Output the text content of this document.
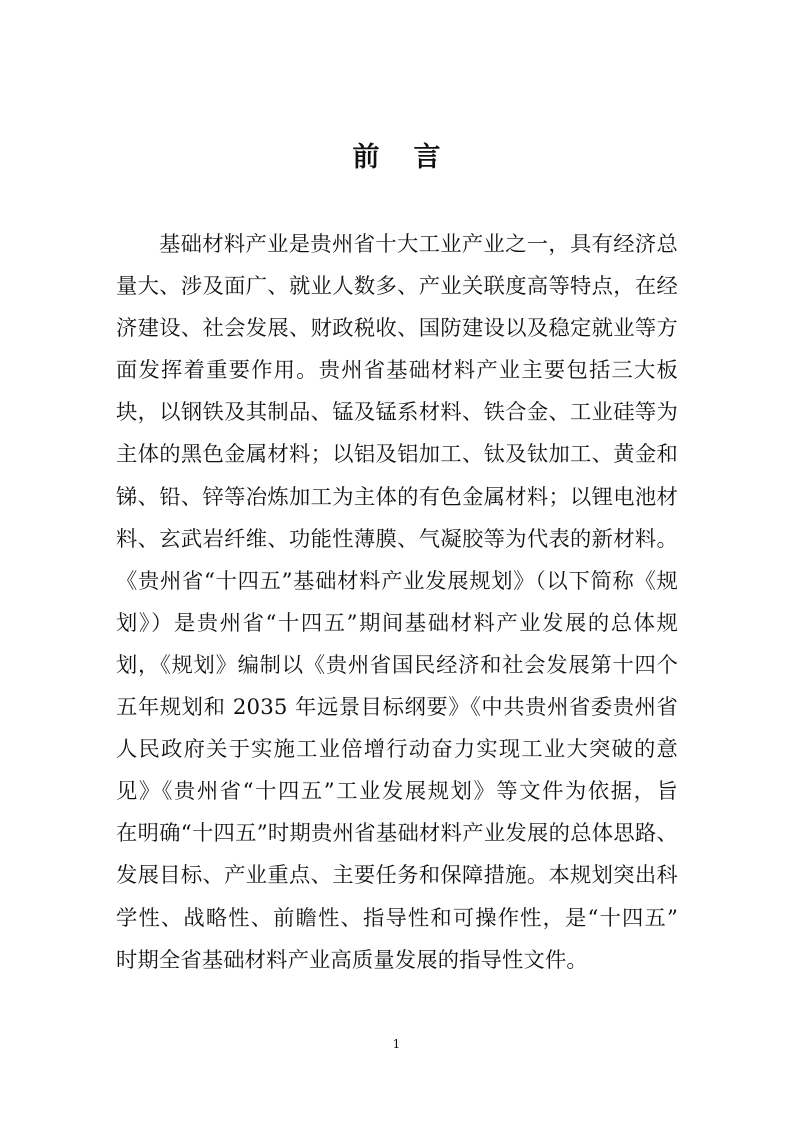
前言
基础材料产业是贵州省十大工业产业之一，具有经济总
量大、涉及面广、就业人数多、产业关联度高等特点，在经
济建设、社会发展、财政税收、国防建设以及稳定就业等方
面发挥着重要作用。贵州省基础材料产业主要包括三大板
块，以钢铁及其制品、锰及锰系材料、铁合金、工业硅等为
主体的黑色金属材料；以铝及铝加工、钛及钛加工、黄金和
锑、铅、锌等冶炼加工为主体的有色金属材料；以锂电池材
料、玄武岩纤维、功能性薄膜、气凝胶等为代表的新材料。
《贵州省“十四五”基础材料产业发展规划》（以下简称《规
划》）是贵州省“十四五”期间基础材料产业发展的总体规
划，《规划》编制以《贵州省国民经济和社会发展第十四个
五年规划和 2035 年远景目标纲要》《中共贵州省委贵州省
人民政府关于实施工业倍增行动奋力实现工业大突破的意
见》《贵州省“十四五”工业发展规划》等文件为依据，旨
在明确“十四五”时期贵州省基础材料产业发展的总体思路、
发展目标、产业重点、主要任务和保障措施。本规划突出科
学性、战略性、前瞻性、指导性和可操作性，是“十四五”
时期全省基础材料产业高质量发展的指导性文件。
1
